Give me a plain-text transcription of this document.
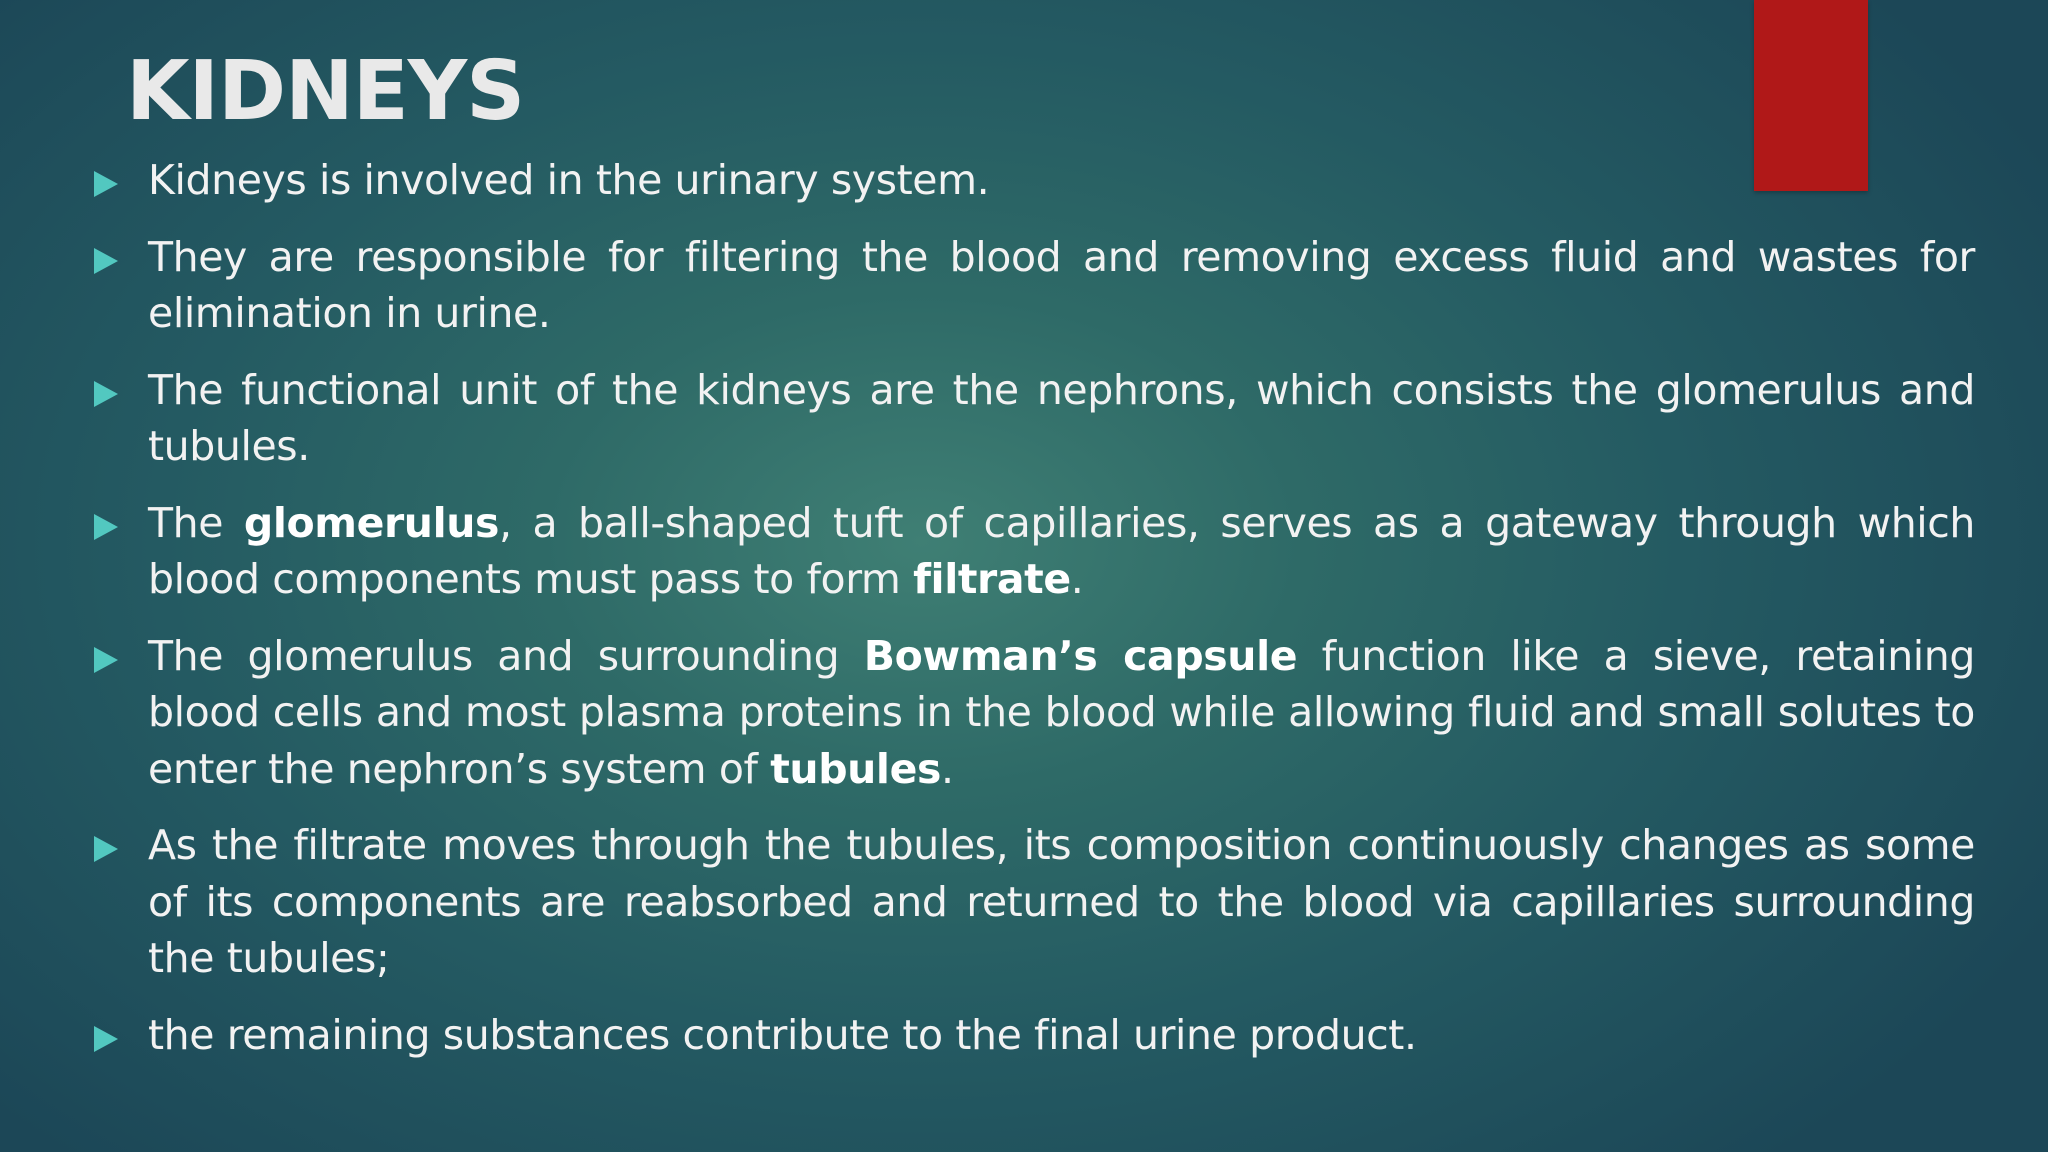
KIDNEYS
Kidneys is involved in the urinary system.
They are responsible for filtering the blood and removing excess fluid and wastes for elimination in urine.
The functional unit of the kidneys are the nephrons, which consists the glomerulus and tubules.
The glomerulus, a ball-shaped tuft of capillaries, serves as a gateway through which blood components must pass to form filtrate.
The glomerulus and surrounding Bowman’s capsule function like a sieve, retaining blood cells and most plasma proteins in the blood while allowing fluid and small solutes to enter the nephron’s system of tubules.
As the filtrate moves through the tubules, its composition continuously changes as some of its components are reabsorbed and returned to the blood via capillaries surrounding the tubules;
the remaining substances contribute to the final urine product.
